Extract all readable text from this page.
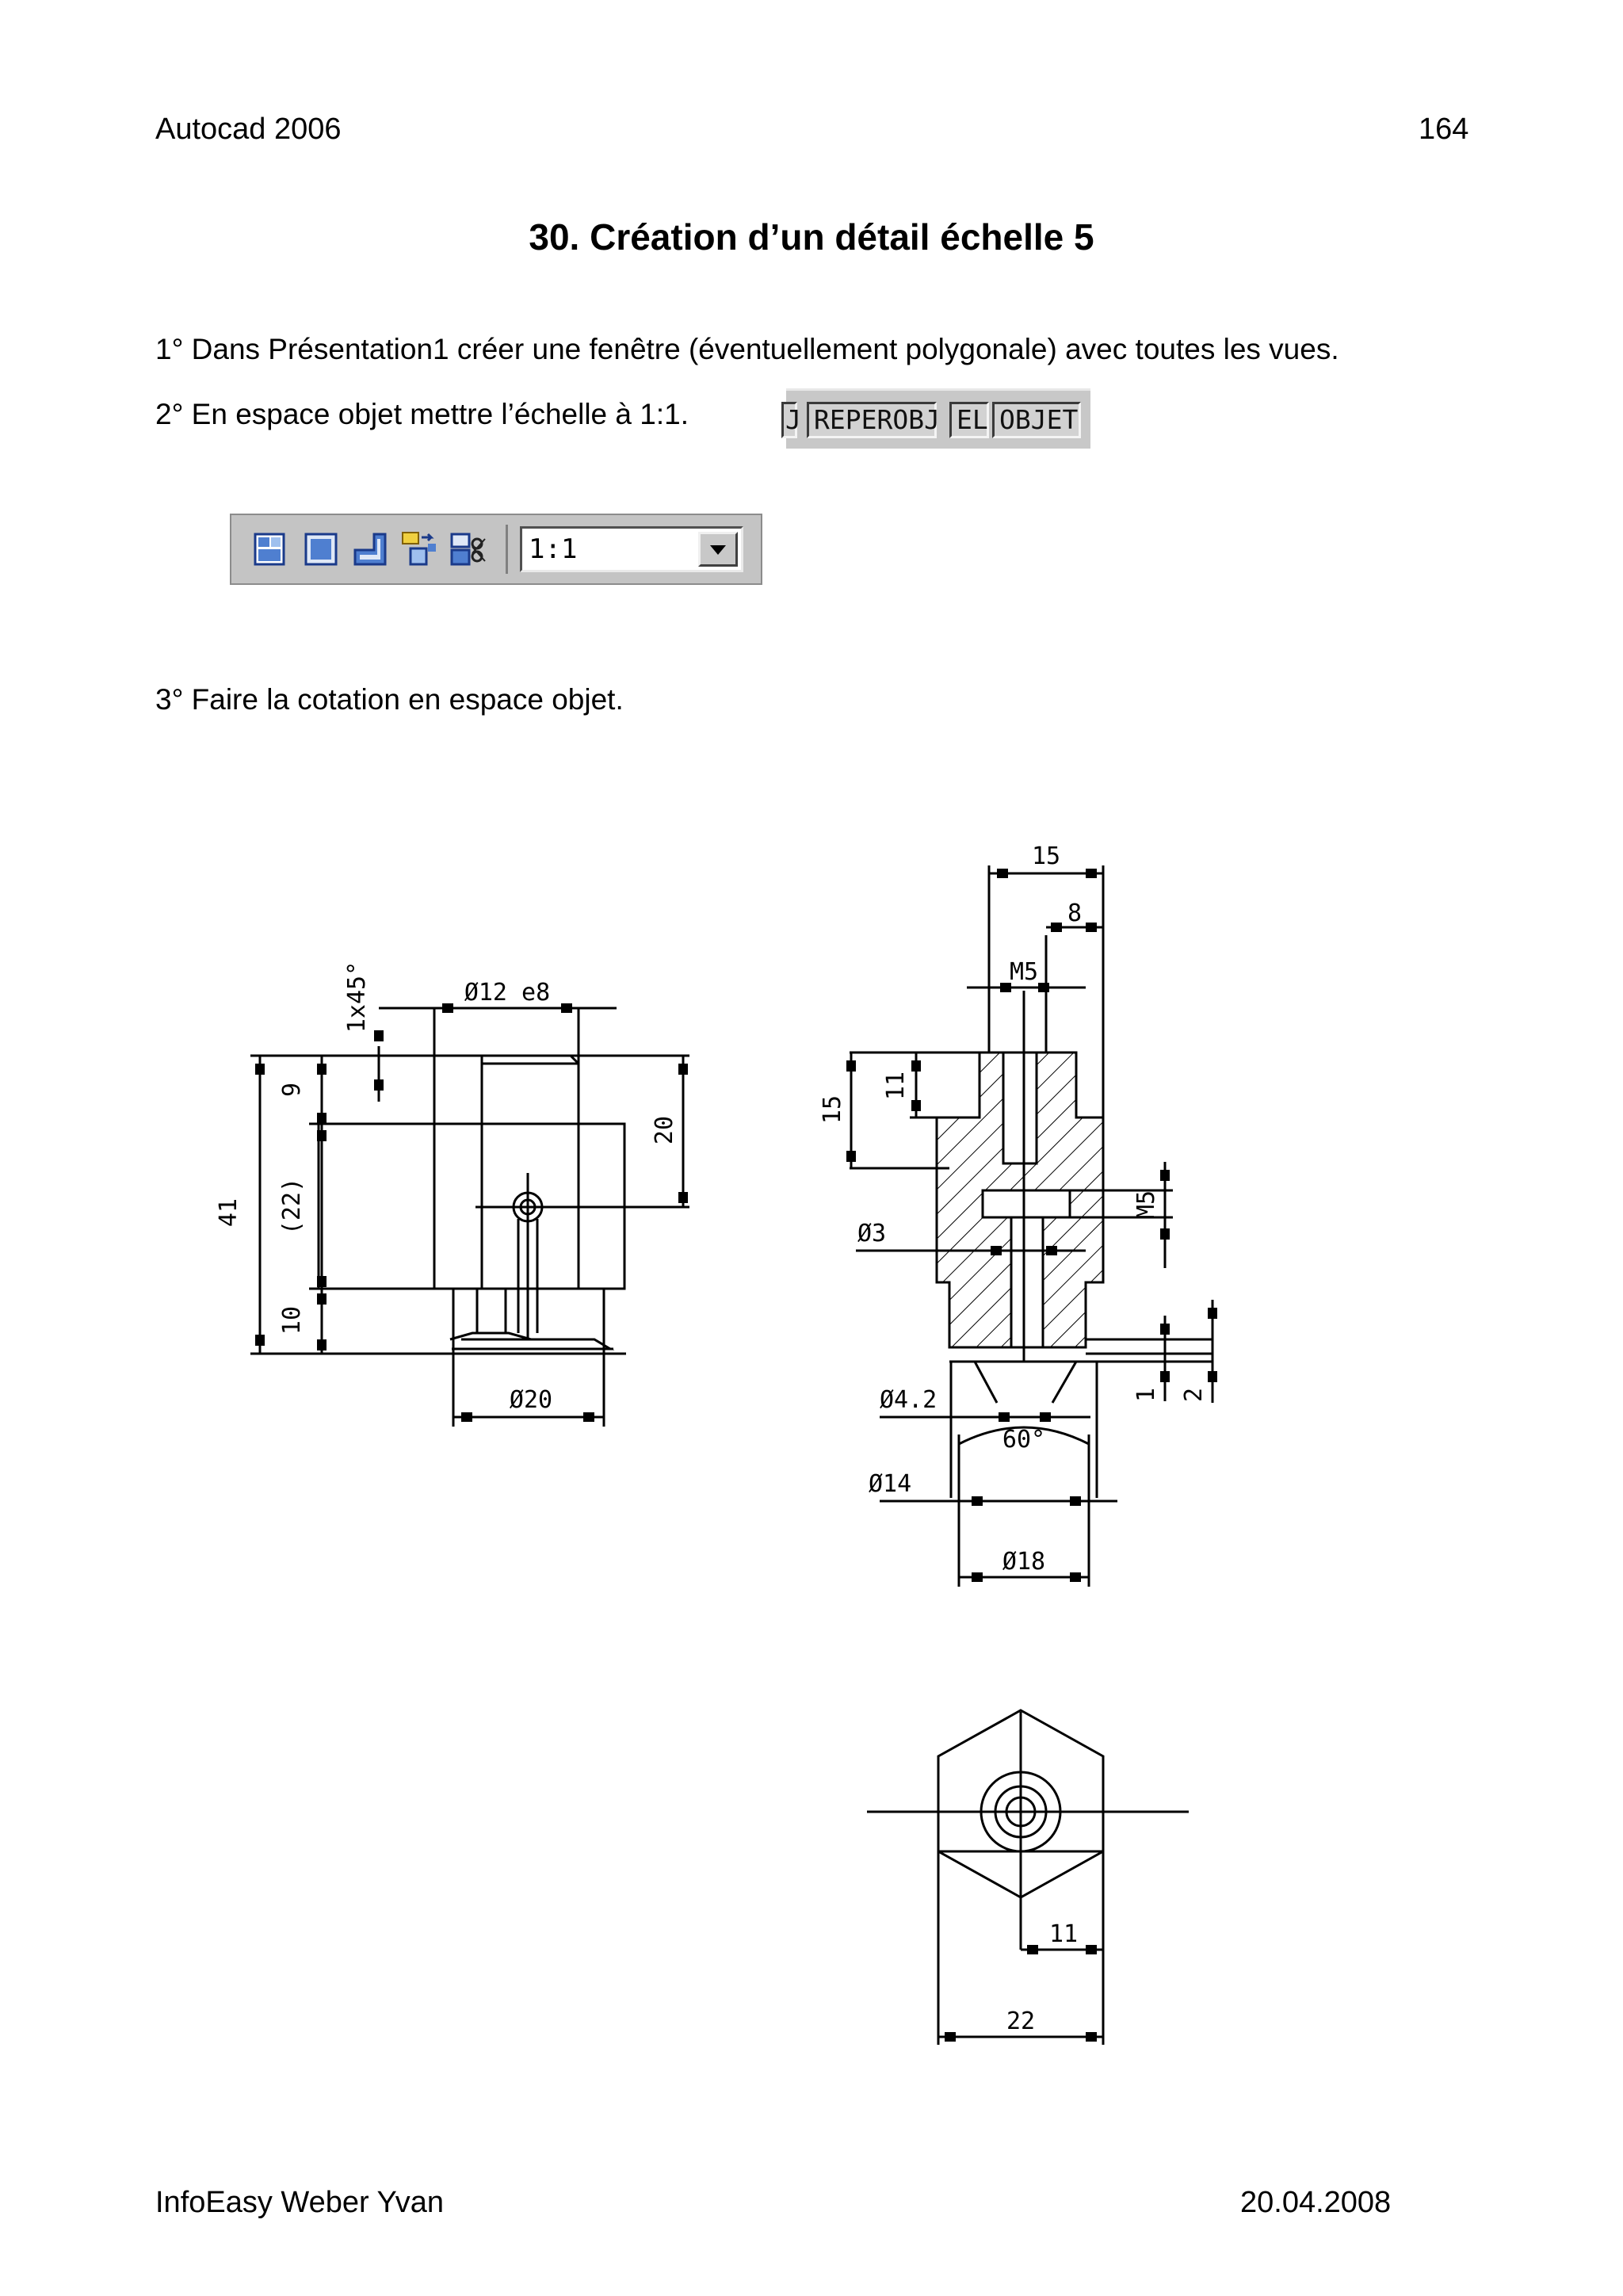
Autocad 2006	164
30. Création d’un détail échelle 5
1° Dans Présentation1 créer une fenêtre (éventuellement polygonale) avec toutes les vues.
2° En espace objet mettre l’échelle à 1:1.	J REPEROBJ EL OBJET
1:1
3° Faire la cotation en espace objet.
41
9
(22)
10
20
1x45°	Ø12 e8
Ø20
15
8
M5
15
11
M5
Ø3
Ø4.2
60°
1 2
Ø14
Ø18
11
22
InfoEasy Weber Yvan	20.04.2008
